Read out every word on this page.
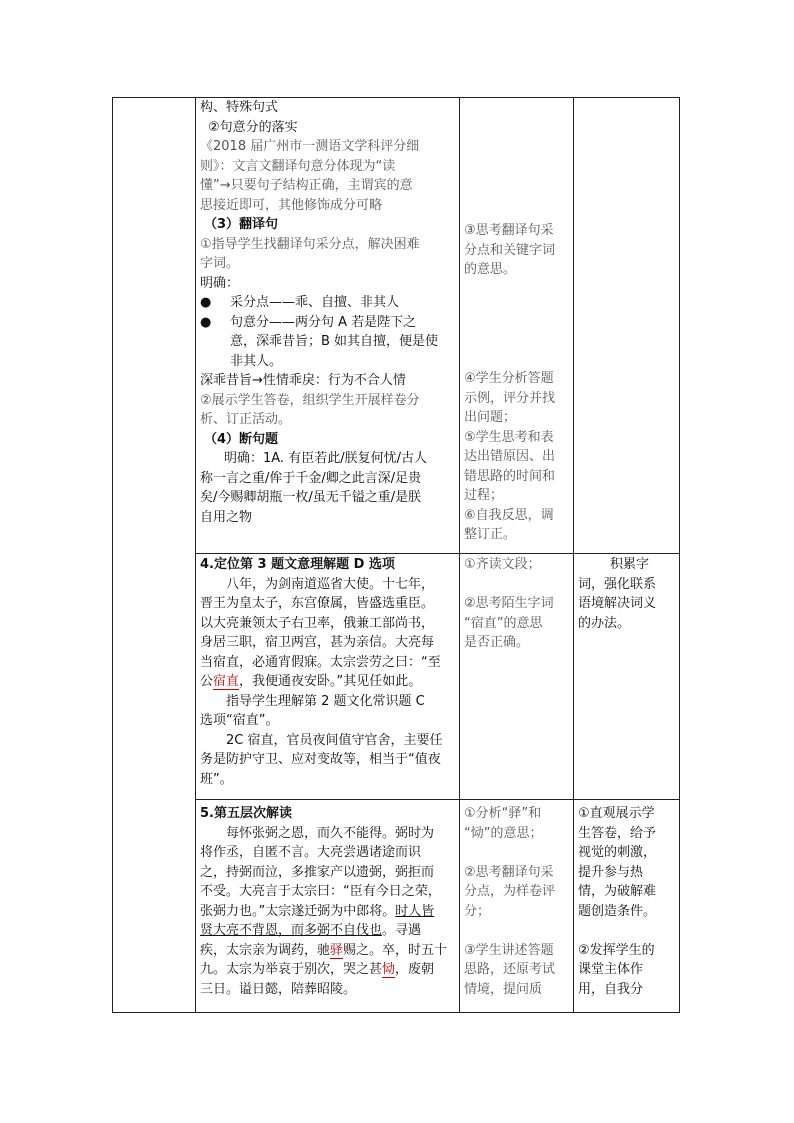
构、特殊句式

②句意分的落实

《2018 届广州市一测语文学科评分细

则》：文言文翻译句意分体现为“读

懂”→只要句子结构正确，主谓宾的意

思接近即可，其他修饰成分可略

（3）翻译句

①指导学生找翻译句采分点，解决困难

字词。

明确：

● 采分点——乖、自擅、非其人

● 句意分——两分句 A 若是陛下之

意，深乖昔旨；B 如其自擅，便是使

非其人。

深乖昔旨→性情乖戾：行为不合人情

②展示学生答卷，组织学生开展样卷分

析、订正活动。

（4）断句题

明确：1A. 有臣若此/朕复何忧/古人

称一言之重/侔于千金/卿之此言深/足贵

矣/今赐卿胡瓶一枚/虽无千镒之重/是朕

自用之物

③思考翻译句采

分点和关键字词

的意思。

④学生分析答题

示例，评分并找

出问题；

⑤学生思考和表

达出错原因、出

错思路的时间和

过程；

⑥自我反思，调

整订正。

4.定位第 3 题文意理解题 D 选项

八年，为剑南道巡省大使。十七年，

晋王为皇太子，东宫僚属，皆盛选重臣。

以大亮兼领太子右卫率，俄兼工部尚书，

身居三职，宿卫两宫，甚为亲信。大亮每

当宿直，必通宵假寐。太宗尝劳之曰：“至

公宿直，我便通夜安卧。”其见任如此。

指导学生理解第 2 题文化常识题 C

选项“宿直”。

2C 宿直，官员夜间值守官舍，主要任

务是防护守卫、应对变故等，相当于“值夜

班”。

①齐读文段；

②思考陌生字词

“宿直”的意思

是否正确。

积累字

词，强化联系

语境解决词义

的办法。

5.第五层次解读

每怀张弼之恩，而久不能得。弼时为

将作丞，自匿不言。大亮尝遇诸途而识

之，持弼而泣，多推家产以遗弼，弼拒而

不受。大亮言于太宗曰：“臣有今日之荣，

张弼力也。”太宗遂迁弼为中郎将。时人皆

贤大亮不背恩，而多弼不自伐也。寻遇

疾，太宗亲为调药，驰驿赐之。卒，时五十

九。太宗为举哀于别次，哭之甚恸，废朝

三日。谥日懿，陪葬昭陵。

①分析“驿”和

“恸”的意思；

②思考翻译句采

分点，为样卷评

分；

③学生讲述答题

思路，还原考试

情境，提问质

①直观展示学

生答卷，给予

视觉的刺激，

提升参与热

情，为破解难

题创造条件。

②发挥学生的

课堂主体作

用，自我分
